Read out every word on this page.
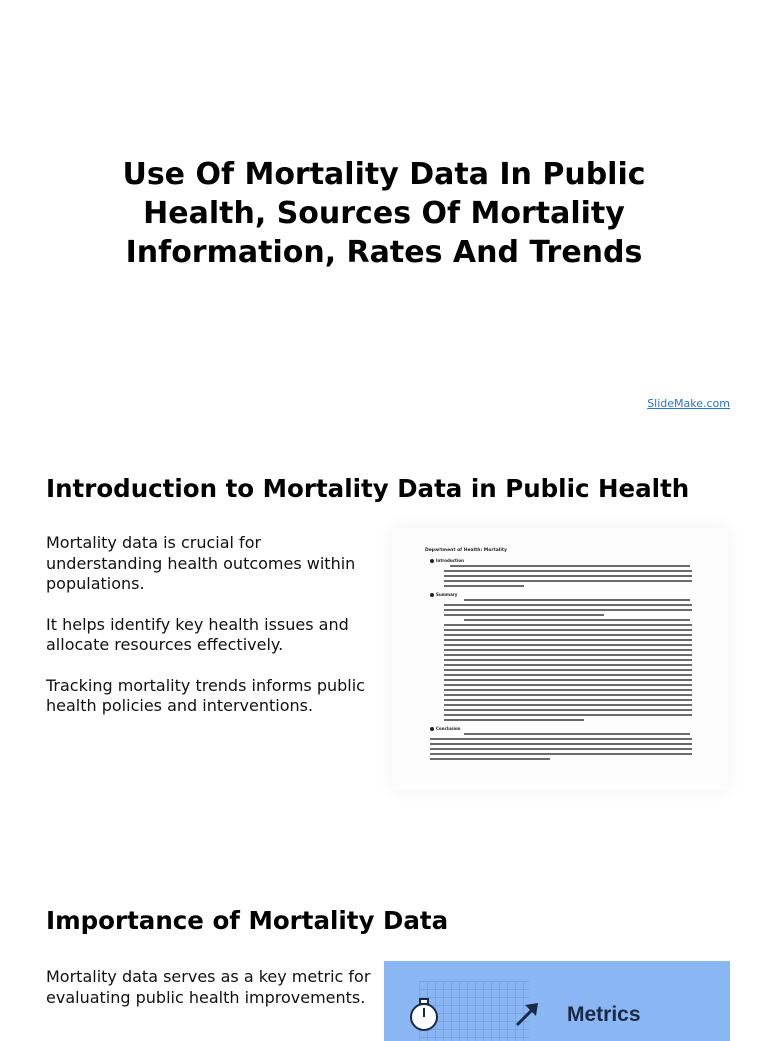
Use Of Mortality Data In Public
Health, Sources Of Mortality
Information, Rates And Trends
SlideMake.com
Introduction to Mortality Data in Public Health

Mortality data is crucial for understanding health outcomes within populations.

It helps identify key health issues and allocate resources effectively.

Tracking mortality trends informs public health policies and interventions.

Department of Health: Mortality
Introduction
Summary
Conclusion
Importance of Mortality Data

Mortality data serves as a key metric for evaluating public health improvements.

Metrics
